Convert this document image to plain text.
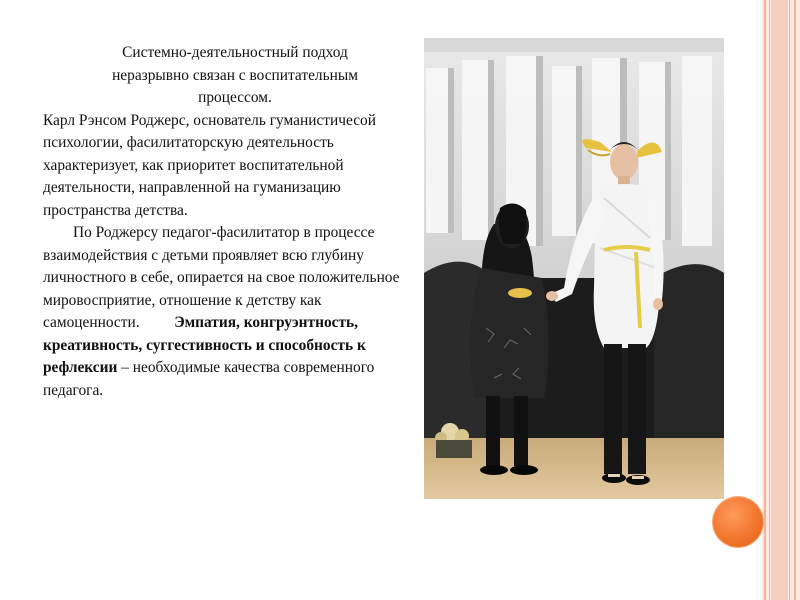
Системно-деятельностный подход
неразрывно связан с воспитательным
процессом.

Карл Рэнсом Роджерс, основатель гуманистичесой психологии, фасилитаторскую деятельность характеризует, как приоритет воспитательной деятельности, направленной на гуманизацию пространства детства.

По Роджерсу педагог-фасилитатор в процессе взаимодействия с детьми проявляет всю глубину личностного в себе, опирается на свое положительное мировосприятие, отношение к детству как самоценности. Эмпатия, конгруэнтность, креативность, суггестивность и способность к рефлексии – необходимые качества современного педагога.
